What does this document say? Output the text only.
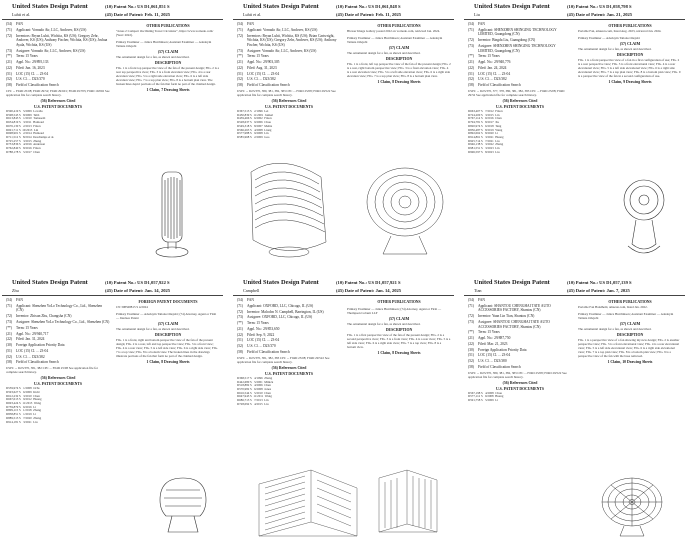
United States Design Patent
Luhti et al.
(10) Patent No.: US D1,061,851 S
(45) Date of Patent: Feb. 11, 2025
(54)	FAN
(71)	Applicant: Vornado Air, LLC, Andover, KS (US)
(72)	Inventors: Bryan Luhti, Wichita, KS (US); Gregory Zehr, Andover, KS (US); Anthony Fischer, Wichita, KS (US); Joshua Ayala, Wichita, KS (US)
(73)	Assignee: Vornado Air, LLC, Andover, KS (US)
(**)	Term: 15 Years
(21)	Appl. No.: 29/895,133
(22)	Filed: Jun. 16, 2023
(51)	LOC (15) Cl. ... 23-04
(52)	U.S. Cl. ... D23/370
(58)	Field of Classification Search
CPC ... F04D 25/08; F04D 29/52; F04D 29/601; F04D 29/703; F04D 19/002 See application file for complete search history.
(56) References Cited
U.S. PATENT DOCUMENTS
D590,419 S   5/2009  Lovallo
D598,545 S   8/2009  Tabb
D613,843 S   1/2010  Tomasetti
D634,819 S   3/2011  Hamoud
D676,130 S   2/2013  Fitton
D691,711 S  10/2013  Lin
D698,901 S   2/2014  Hamoud
D711,512 S   8/2014  Deschamps et al.
D725,257 S   3/2015  Zheng
D753,836 S   4/2016  Anderson
D762,840 S   8/2016  Fitton
D788,178 S   5/2017  Chen
OTHER PUBLICATIONS
"Jones 2 Compact Oscillating Tower Circulator", https://www.vornado.com/ (Year: 2022).
Primary Examiner — Janice Hutchinson; Assistant Examiner — Adedoyin Tatiana Odejobi
(57) CLAIM
The ornamental design for a fan, as shown and described.
DESCRIPTION
FIG. 1 is a front top perspective view of the fan of the present design; FIG. 2 is a rear top perspective view; FIG. 3 is a front elevation view; FIG. 4 is a rear elevation view; FIG. 5 is a right side elevation view; FIG. 6 is a left side elevation view; FIG. 7 is a top plan view; FIG. 8 is a bottom plan view. The broken lines depict portions of the fan that form no part of the claimed design.
1 Claim, 7 Drawing Sheets
United States Design Patent
Luhti et al.
(10) Patent No.: US D1,061,848 S
(45) Date of Patent: Feb. 11, 2025
(54)	FAN
(71)	Applicant: Vornado Air, LLC, Andover, KS (US)
(72)	Inventors: Bryan Luhti, Wichita, KS (US); Brian Cartwright, Wichita, KS (US); Gregory Zehr, Andover, KS (US); Anthony Fischer, Wichita, KS (US)
(73)	Assignee: Vornado Air, LLC, Andover, KS (US)
(**)	Term: 15 Years
(21)	Appl. No.: 29/903,305
(22)	Filed: Aug. 31, 2023
(51)	LOC (15) Cl. ... 23-04
(52)	U.S. Cl. ... D23/382
(58)	Field of Classification Search
USPC ... D23/370, 380, 381, 382, 383 CPC ... F04D 25/08; F04D 29/522 See application file for complete search history.
(56) References Cited
U.S. PATENT DOCUMENTS
D367,513 S   2/1996  Lei
D450,839 S  11/2001  Junkel
D459,466 S   6/2002  Fitton
D528,637 S   9/2006  Chou
D549,318 S   8/2007  Mehta
D566,263 S   4/2008  Liang
D577,988 S   9/2008  Lin
D585,968 S   2/2009  Gao
OTHER PUBLICATIONS
Blower Image Gallery posted 2022 on vornado.com, retrieved Jan. 2024.
Primary Examiner — Janice Hutchinson; Assistant Examiner — Adedoyin Tatiana Odejobi
(57) CLAIM
The ornamental design for a fan, as shown and described.
DESCRIPTION
FIG. 1 is a front, left top perspective view of the fan of the present design; FIG. 2 is a rear, right bottom perspective view; FIG. 3 is a front elevation view; FIG. 4 is a rear elevation view; FIG. 5 is a left side elevation view; FIG. 6 is a right side elevation view; FIG. 7 is a top plan view; FIG. 8 is a bottom plan view.
1 Claim, 8 Drawing Sheets
United States Design Patent
Liu
(10) Patent No.: US D1,058,798 S
(45) Date of Patent: Jan. 21, 2025
(54)	FAN
(71)	Applicant: SHENZHEN SHINGING TECHNOLOGY LIMITED, Guangdong (CN)
(72)	Inventor: Bingda Liu, Guangdong (CN)
(73)	Assignee: SHENZHEN SHINGING TECHNOLOGY LIMITED, Guangdong (CN)
(**)	Term: 15 Years
(21)	Appl. No.: 29/940,776
(22)	Filed: Jan. 24, 2024
(51)	LOC (15) Cl. ... 23-04
(52)	U.S. Cl. ... D23/382
(58)	Field of Classification Search
USPC ... D23/370, 377, 378, 380, 381, 382, 383 CPC ... F04D 25/08; F04D 29/52 See application file for complete search history.
(56) References Cited
U.S. PATENT DOCUMENTS
D663,407 S   7/2012  Fitton
D724,200 S   3/2015  Lin
D767,114 S   9/2016  Chen
D794,781 S   8/2017  Xu
D820,974 S   6/2018  Tang
D856,487 S   8/2019  Wang
D892,062 S   8/2020  Li
D914,861 S   3/2021  Huang
D925,714 S   7/2021  Liu
D946,138 S   3/2022  Zhang
D981,551 S   3/2023  Lin
D996,597 S   8/2023  Liu
OTHER PUBLICATIONS
Portable Fan, amazon.com, listed Aug. 2023, retrieved Jan. 2024.
Primary Examiner — Adedoyin Tatiana Odejobi
(57) CLAIM
The ornamental design for a fan, as shown and described.
DESCRIPTION
FIG. 1 is a front perspective view of a fan in a first configuration of use; FIG. 2 is a rear perspective view; FIG. 3 is a front elevational view; FIG. 4 is a rear elevational view; FIG. 5 is a left side elevational view; FIG. 6 is a right side elevational view; FIG. 7 is a top plan view; FIG. 8 is a bottom plan view; FIG. 9 is a perspective view of the fan in a second configuration of use.
1 Claim, 9 Drawing Sheets
United States Design Patent
Zhu
(10) Patent No.: US D1,057,922 S
(45) Date of Patent: Jan. 14, 2025
(54)	FAN
(71)	Applicant: Shenzhen YoLo Technology Co., Ltd., Shenzhen (CN)
(72)	Inventor: Zhixun Zhu, Changsha (CN)
(73)	Assignee: Shenzhen YoLo Technology Co., Ltd., Shenzhen (CN)
(**)	Term: 15 Years
(21)	Appl. No.: 29/940,717
(22)	Filed: Jan. 31, 2024
(30)	Foreign Application Priority Data
(51)	LOC (15) Cl. ... 23-04
(52)	U.S. Cl. ... D23/382
(58)	Field of Classification Search
USPC ... D23/370, 381, 382 CPC ... F04D 25/08 See application file for complete search history.
(56) References Cited
U.S. PATENT DOCUMENTS
D559,974 S   1/2008  Ochs
D593,627 S   6/2009  Kidd
D612,232 S   3/2010  Chen
D667,013 S   9/2012  Huang
D693,424 S  11/2013  Wang
D759,879 S   6/2016  Li
D809,115 S   1/2018  Zhang
D838,851 S   1/2019  Li
D889,513 S   7/2020  Zhang
D914,181 S   3/2021  Liu
FOREIGN PATENT DOCUMENTS
CN 308568815 S 4/2024
Primary Examiner — Adedoyin Tatiana Odejobi; (74) Attorney, Agent or Firm — Intelsea Patent
(57) CLAIM
The ornamental design for a fan, as shown and described.
DESCRIPTION
FIG. 1 is a front, right and bottom perspective view of the fan of the present design; FIG. 2 is a rear, left and top perspective view; FIG. 3 is a front view; FIG. 4 is a rear view; FIG. 5 is a left side view; FIG. 6 is a right side view; FIG. 7 is a top view; FIG. 8 is a bottom view. The broken lines in the drawings illustrate portions of the fan that form no part of the claimed design.
1 Claim, 8 Drawing Sheets
United States Design Patent
Campbell
(10) Patent No.: US D1,057,921 S
(45) Date of Patent: Jan. 14, 2025
(54)	FAN
(71)	Applicant: OXFORD, LLC, Chicago, IL (US)
(72)	Inventor: Malcolm N. Campbell, Barrington, IL (US)
(73)	Assignee: OXFORD, LLC, Chicago, IL (US)
(**)	Term: 15 Years
(21)	Appl. No.: 29/853,650
(22)	Filed: Sep. 9, 2022
(51)	LOC (15) Cl. ... 23-04
(52)	U.S. Cl. ... D23/370
(58)	Field of Classification Search
USPC ... D23/370, 381, 382, 383 CPC ... F04D 25/08; F04D 29/522 See application file for complete search history.
(56) References Cited
U.S. PATENT DOCUMENTS
D368,517 S   4/1996  Zhang
D442,680 S   5/2001  Minick
D518,882 S   4/2006  Chen
D570,982 S   6/2008  Jones
D616,544 S   5/2010  Chen
D647,943 S  11/2011  Wang
D686,713 S   7/2013  Lin
D728,092 S   4/2015  Liu
OTHER PUBLICATIONS
Primary Examiner — Janice Hutchinson; (74) Attorney, Agent or Firm — Thompson Coburn LLP
(57) CLAIM
The ornamental design for a fan, as shown and described.
DESCRIPTION
FIG. 1 is a first perspective view of the fan of the present design; FIG. 2 is a second perspective view; FIG. 3 is a front view; FIG. 4 is a rear view; FIG. 5 is a left side view; FIG. 6 is a right side view; FIG. 7 is a top view; FIG. 8 is a bottom view.
1 Claim, 8 Drawing Sheets
United States Design Patent
Tian
(10) Patent No.: US D1,057,139 S
(45) Date of Patent: Jan. 7, 2025
(54)	FAN
(71)	Applicant: SHANTOU CHENGHAI TATE AUTO ACCESSORIES FACTORY, Shantou (CN)
(72)	Inventor: Yuan Lin Tian, Shantou (CN)
(73)	Assignee: SHANTOU CHENGHAI TATE AUTO ACCESSORIES FACTORY, Shantou (CN)
(**)	Term: 15 Years
(21)	Appl. No.: 29/887,750
(22)	Filed: Mar. 21, 2023
(30)	Foreign Application Priority Data
(51)	LOC (15) Cl. ... 23-04
(52)	U.S. Cl. ... D23/380
(58)	Field of Classification Search
USPC ... D23/370, 380, 381, 382, 383 CPC ... F04D 25/08; F04D 29/522 See application file for complete search history.
(56) References Cited
U.S. PATENT DOCUMENTS
D567,198 S   4/2008  Chou
D577,112 S   9/2008  Huang
D591,758 S   5/2009  Li
OTHER PUBLICATIONS
Portable Fan Handheld, amazon.com, listed Jan. 2022.
Primary Examiner — Janice Hutchinson; Assistant Examiner — Adedoyin Tatiana Odejobi
(57) CLAIM
The ornamental design for a fan, as shown and described.
DESCRIPTION
FIG. 1 is a perspective view of a fan showing my new design; FIG. 2 is another perspective view; FIG. 3 is a front elevational view; FIG. 4 is a rear elevational view; FIG. 5 is a left side elevational view; FIG. 6 is a right side elevational view; FIG. 7 is a top plan view; FIG. 8 is a bottom plan view; FIG. 9 is a perspective view of the fan with the base removed.
1 Claim, 10 Drawing Sheets
